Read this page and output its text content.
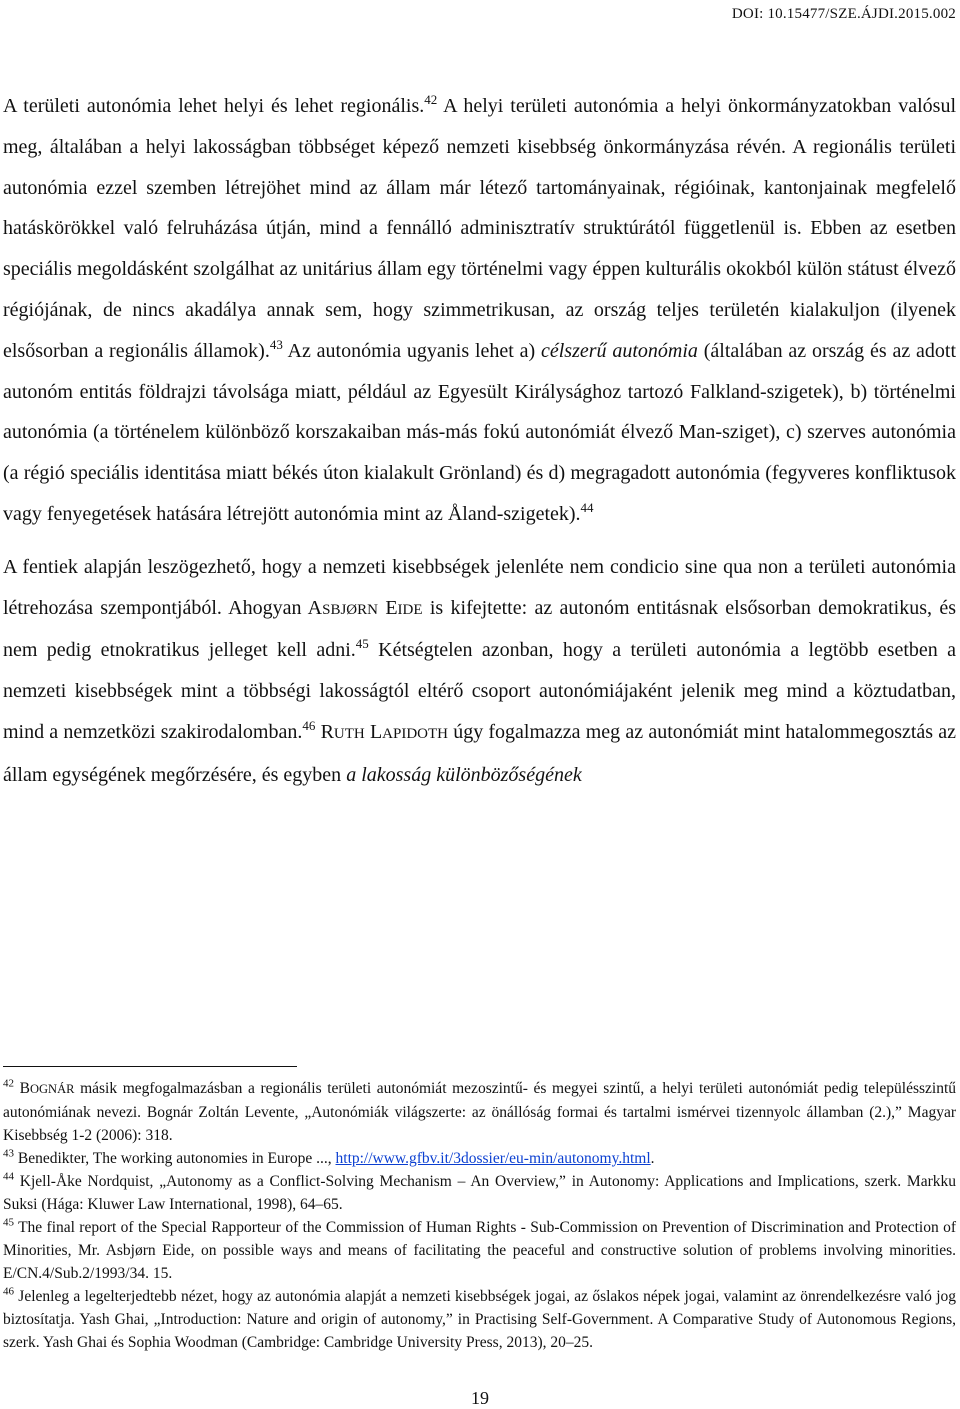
DOI: 10.15477/SZE.ÁJDI.2015.002

A területi autonómia lehet helyi és lehet regionális.$^{42}$ A helyi területi autonómia a helyi önkormányzatokban valósul meg, általában a helyi lakosságban többséget képező nemzeti kisebbség önkormányzása révén. A regionális területi autonómia ezzel szemben létrejöhet mind az állam már létező tartományainak, régióinak, kantonjainak megfelelő hatáskörökkel való felruházása útján, mind a fennálló adminisztratív struktúrától függetlenül is. Ebben az esetben speciális megoldásként szolgálhat az unitárius állam egy történelmi vagy éppen kulturális okokból külön státust élvező régiójának, de nincs akadálya annak sem, hogy szimmetrikusan, az ország teljes területén kialakuljon (ilyenek elsősorban a regionális államok).$^{43}$ Az autonómia ugyanis lehet a) célszerű autonómia (általában az ország és az adott autonóm entitás földrajzi távolsága miatt, például az Egyesült Királysághoz tartozó Falkland-szigetek), b) történelmi autonómia (a történelem különböző korszakaiban más-más fokú autonómiát élvező Man-sziget), c) szerves autonómia (a régió speciális identitása miatt békés úton kialakult Grönland) és d) megragadott autonómia (fegyveres konfliktusok vagy fenyegetések hatására létrejött autonómia mint az Åland-szigetek).$^{44}$

A fentiek alapján leszögezhető, hogy a nemzeti kisebbségek jelenléte nem condicio sine qua non a területi autonómia létrehozása szempontjából. Ahogyan ASBJØRN EIDE is kifejtette: az autonóm entitásnak elsősorban demokratikus, és nem pedig etnokratikus jelleget kell adni.$^{45}$ Kétségtelen azonban, hogy a területi autonómia a legtöbb esetben a nemzeti kisebbségek mint a többségi lakosságtól eltérő csoport autonómiájaként jelenik meg mind a köztudatban, mind a nemzetközi szakirodalomban.$^{46}$ RUTH LAPIDOTH úgy fogalmazza meg az autonómiát mint hatalommegosztás az állam egységének megőrzésére, és egyben a lakosság különbözőségének

$^{42}$ BOGNÁR másik megfogalmazásban a regionális területi autonómiát mezoszintű- és megyei szintű, a helyi területi autonómiát pedig településszintű autonómiának nevezi. Bognár Zoltán Levente, „Autonómiák világszerte: az önállóság formai és tartalmi ismérvei tizennyolc államban (2.),” Magyar Kisebbség 1-2 (2006): 318.

$^{43}$ Benedikter, The working autonomies in Europe ..., http://www.gfbv.it/3dossier/eu-min/autonomy.html.

$^{44}$ Kjell-Åke Nordquist, „Autonomy as a Conflict-Solving Mechanism – An Overview,” in Autonomy: Applications and Implications, szerk. Markku Suksi (Hága: Kluwer Law International, 1998), 64–65.

$^{45}$ The final report of the Special Rapporteur of the Commission of Human Rights - Sub-Commission on Prevention of Discrimination and Protection of Minorities, Mr. Asbjørn Eide, on possible ways and means of facilitating the peaceful and constructive solution of problems involving minorities. E/CN.4/Sub.2/1993/34. 15.

$^{46}$ Jelenleg a legelterjedtebb nézet, hogy az autonómia alapját a nemzeti kisebbségek jogai, az őslakos népek jogai, valamint az önrendelkezésre való jog biztosítatja. Yash Ghai, „Introduction: Nature and origin of autonomy,” in Practising Self-Government. A Comparative Study of Autonomous Regions, szerk. Yash Ghai és Sophia Woodman (Cambridge: Cambridge University Press, 2013), 20–25.

19
